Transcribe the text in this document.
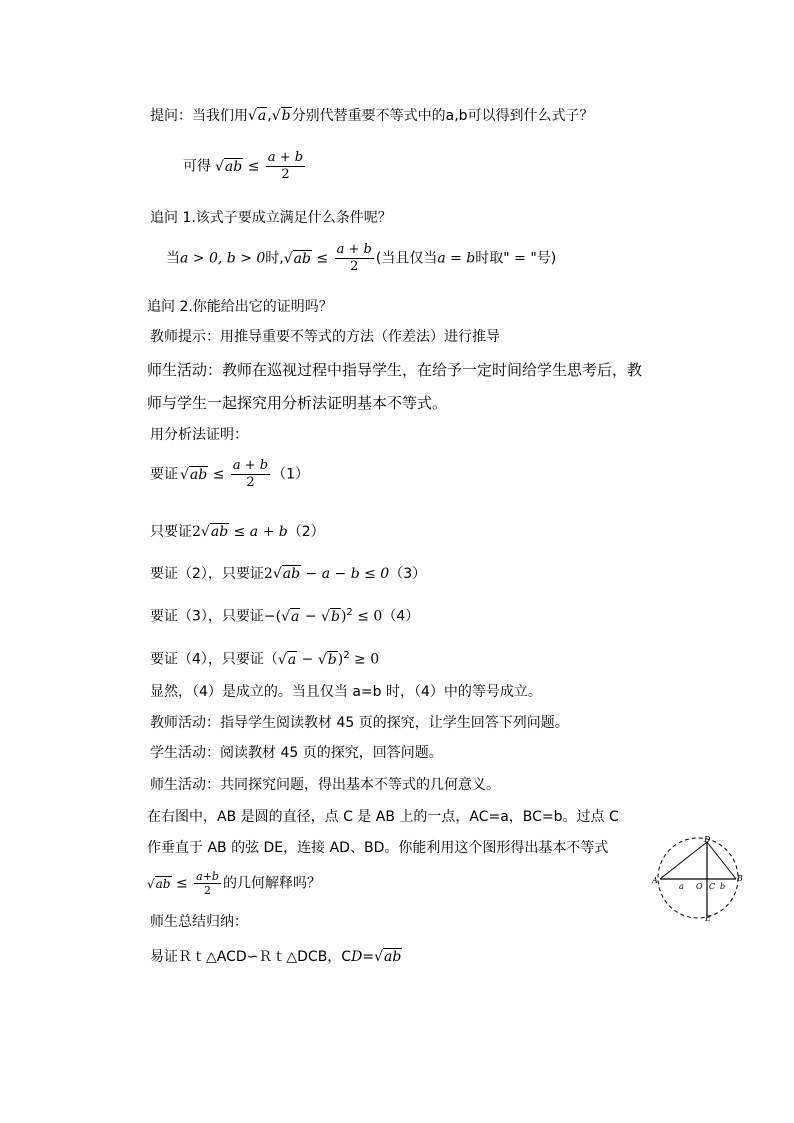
提问：当我们用√a,√b分别代替重要不等式中的a,b可以得到什么式子？
可得 $√ab \le \frac{a + b}{2}$
追问 1.该式子要成立满足什么条件呢？
当a > 0, b > 0时$,√ab \le \frac{a + b}{2}$ (当且仅当a = b时取" = "号)
追问 2.你能给出它的证明吗？
教师提示：用推导重要不等式的方法（作差法）进行推导
师生活动：教师在巡视过程中指导学生，在给予一定时间给学生思考后，教
师与学生一起探究用分析法证明基本不等式。
用分析法证明：
要证 $√ab \le \frac{a + b}{2} (1)$
只要证2√ab ≤ a + b（2）
要证（2），只要证2√ab − a − b ≤ 0（3）
要证（3），只要证$-(√a - √b)^2 \le 0(4)$
要证（4），只要证（√a − √b)$^2$ ≥ 0
显然，（4）是成立的。当且仅当 a=b 时，（4）中的等号成立。
教师活动：指导学生阅读教材 45 页的探究，让学生回答下列问题。
学生活动：阅读教材 45 页的探究，回答问题。
师生活动：共同探究问题，得出基本不等式的几何意义。
在右图中，AB 是圆的直径，点 C 是 AB 上的一点，AC=a，BC=b。过点 C
作垂直于 AB 的弦 DE，连接 AD、BD。你能利用这个图形得出基本不等式
$√ab \le \frac{a+b}{2}$ 的几何解释吗？
师生总结归纳：
易证Ｒｔ△ACD∽Ｒｔ△DCB，CD=√ab
A	B
D
E
C
O
a	b
